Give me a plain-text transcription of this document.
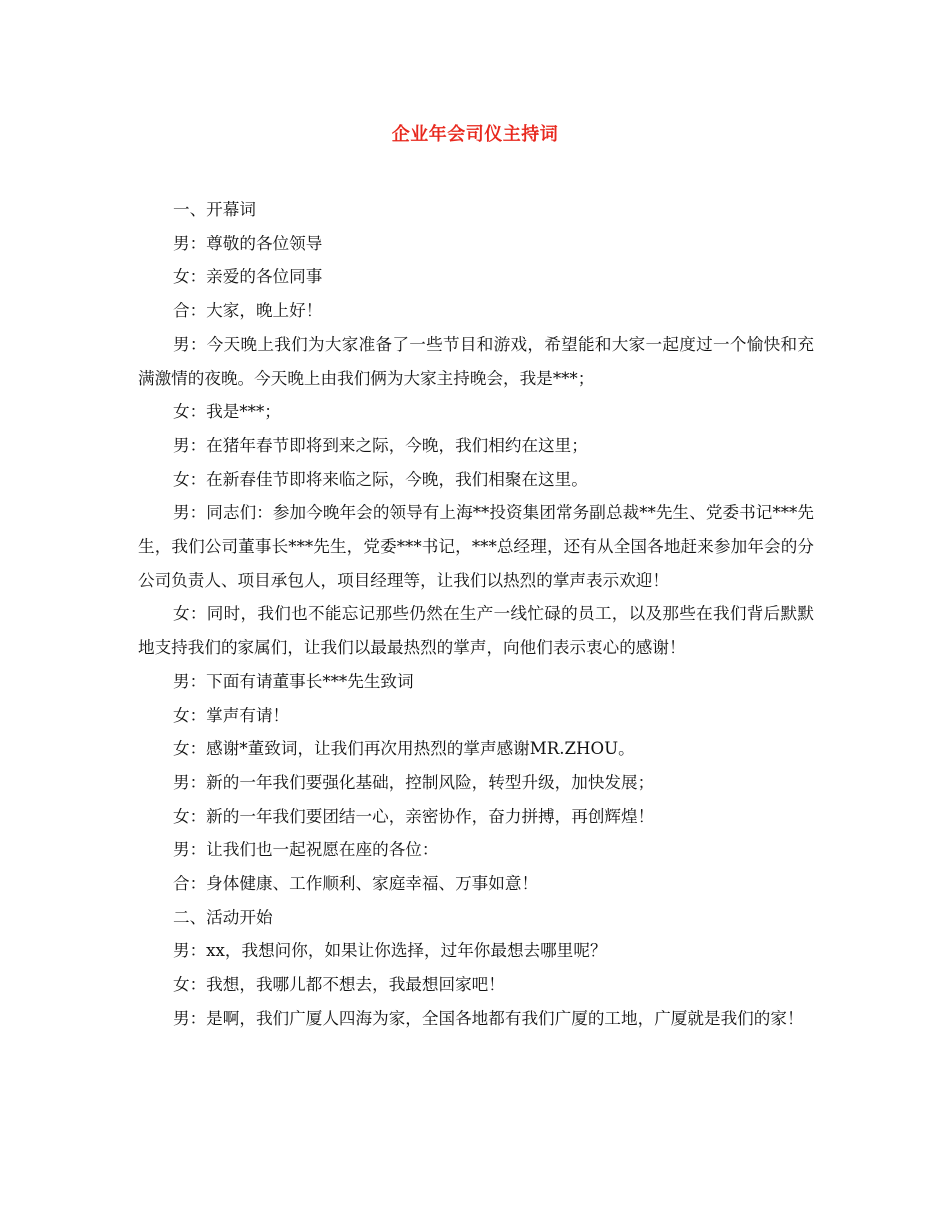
企业年会司仪主持词

一、开幕词

男：尊敬的各位领导

女：亲爱的各位同事

合：大家，晚上好！

男：今天晚上我们为大家准备了一些节目和游戏，希望能和大家一起度过一个愉快和充满激情的夜晚。今天晚上由我们俩为大家主持晚会，我是***；

女：我是***；

男：在猪年春节即将到来之际，今晚，我们相约在这里；

女：在新春佳节即将来临之际，今晚，我们相聚在这里。

男：同志们：参加今晚年会的领导有上海**投资集团常务副总裁**先生、党委书记***先生，我们公司董事长***先生，党委***书记，***总经理，还有从全国各地赶来参加年会的分公司负责人、项目承包人，项目经理等，让我们以热烈的掌声表示欢迎！

女：同时，我们也不能忘记那些仍然在生产一线忙碌的员工，以及那些在我们背后默默地支持我们的家属们，让我们以最最热烈的掌声，向他们表示衷心的感谢！

男：下面有请董事长***先生致词

女：掌声有请！

女：感谢*董致词，让我们再次用热烈的掌声感谢MR.ZHOU。

男：新的一年我们要强化基础，控制风险，转型升级，加快发展；

女：新的一年我们要团结一心，亲密协作，奋力拼搏，再创辉煌！

男：让我们也一起祝愿在座的各位：

合：身体健康、工作顺利、家庭幸福、万事如意！

二、活动开始

男：xx，我想问你，如果让你选择，过年你最想去哪里呢？

女：我想，我哪儿都不想去，我最想回家吧！

男：是啊，我们广厦人四海为家，全国各地都有我们广厦的工地，广厦就是我们的家！
